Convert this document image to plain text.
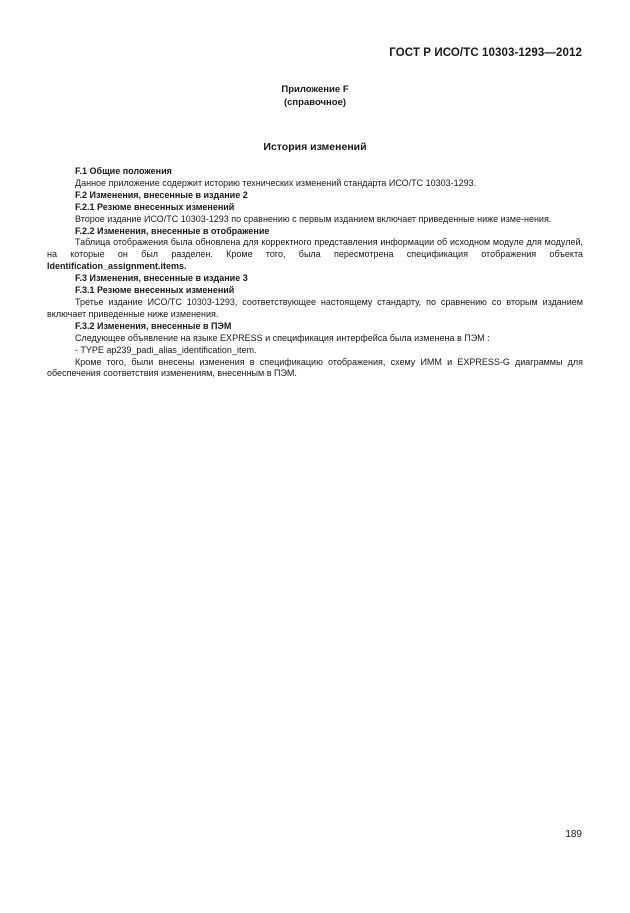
ГОСТ Р ИСО/ТС 10303-1293—2012
Приложение F
(справочное)
История изменений

F.1 Общие положения

Данное приложение содержит историю технических изменений стандарта ИСО/ТС 10303-1293.

F.2 Изменения, внесенные в издание 2

F.2.1 Резюме внесенных изменений

Второе издание ИСО/ТС 10303-1293 по сравнению с первым изданием включает приведенные ниже изме-нения.

F.2.2 Изменения, внесенные в отображение

Таблица отображения была обновлена для корректного представления информации об исходном модуле для модулей, на которые он был разделен. Кроме того, была пересмотрена спецификация отображения объекта Identification_assignment.items.

F.3 Изменения, внесенные в издание 3

F.3.1 Резюме внесенных изменений

Третье издание ИСО/ТС 10303-1293, соответствующее настоящему стандарту, по сравнению со вторым изданием включает приведенные ниже изменения.

F.3.2 Изменения, внесенные в ПЭМ

Следующее объявление на языке EXPRESS и спецификация интерфейса была изменена в ПЭМ :

- TYPE ap239_padi_alias_identification_item.

Кроме того, были внесены изменения в спецификацию отображения, схему ИММ и EXPRESS-G диаграммы для обеспечения соответствия изменениям, внесенным в ПЭМ.

189
